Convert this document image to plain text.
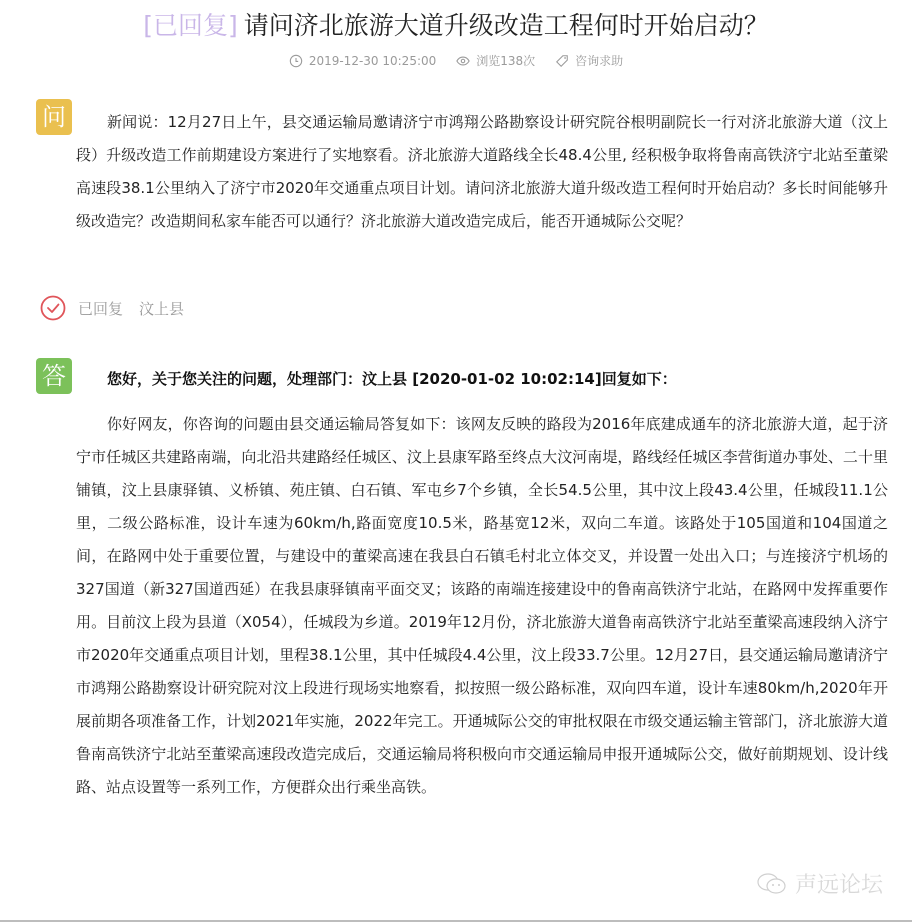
[已回复] 请问济北旅游大道升级改造工程何时开始启动？
2019-12-30 10:25:00	浏览138次	咨询求助
问	新闻说：12月27日上午，县交通运输局邀请济宁市鸿翔公路勘察设计研究院谷根明副院长一行对济北旅游大道（汶上段）升级改造工作前期建设方案进行了实地察看。济北旅游大道路线全长48.4公里, 经积极争取将鲁南高铁济宁北站至董梁高速段38.1公里纳入了济宁市2020年交通重点项目计划。请问济北旅游大道升级改造工程何时开始启动？多长时间能够升级改造完？改造期间私家车能否可以通行？济北旅游大道改造完成后，能否开通城际公交呢？
已回复 汶上县
答	您好，关于您关注的问题，处理部门：汶上县 [2020-01-02 10:02:14]回复如下：
你好网友，你咨询的问题由县交通运输局答复如下：该网友反映的路段为2016年底建成通车的济北旅游大道，起于济宁市任城区共建路南端，向北沿共建路经任城区、汶上县康军路至终点大汶河南堤，路线经任城区李营街道办事处、二十里铺镇，汶上县康驿镇、义桥镇、苑庄镇、白石镇、军屯乡7个乡镇，全长54.5公里，其中汶上段43.4公里，任城段11.1公里，二级公路标准，设计车速为60km/h,路面宽度10.5米，路基宽12米，双向二车道。该路处于105国道和104国道之间，在路网中处于重要位置，与建设中的董梁高速在我县白石镇毛村北立体交叉，并设置一处出入口；与连接济宁机场的327国道（新327国道西延）在我县康驿镇南平面交叉；该路的南端连接建设中的鲁南高铁济宁北站，在路网中发挥重要作用。目前汶上段为县道（X054），任城段为乡道。2019年12月份，济北旅游大道鲁南高铁济宁北站至董梁高速段纳入济宁市2020年交通重点项目计划，里程38.1公里，其中任城段4.4公里，汶上段33.7公里。12月27日，县交通运输局邀请济宁市鸿翔公路勘察设计研究院对汶上段进行现场实地察看，拟按照一级公路标准，双向四车道，设计车速80km/h,2020年开展前期各项准备工作，计划2021年实施，2022年完工。开通城际公交的审批权限在市级交通运输主管部门，济北旅游大道鲁南高铁济宁北站至董梁高速段改造完成后，交通运输局将积极向市交通运输局申报开通城际公交，做好前期规划、设计线路、站点设置等一系列工作，方便群众出行乘坐高铁。
声远论坛
